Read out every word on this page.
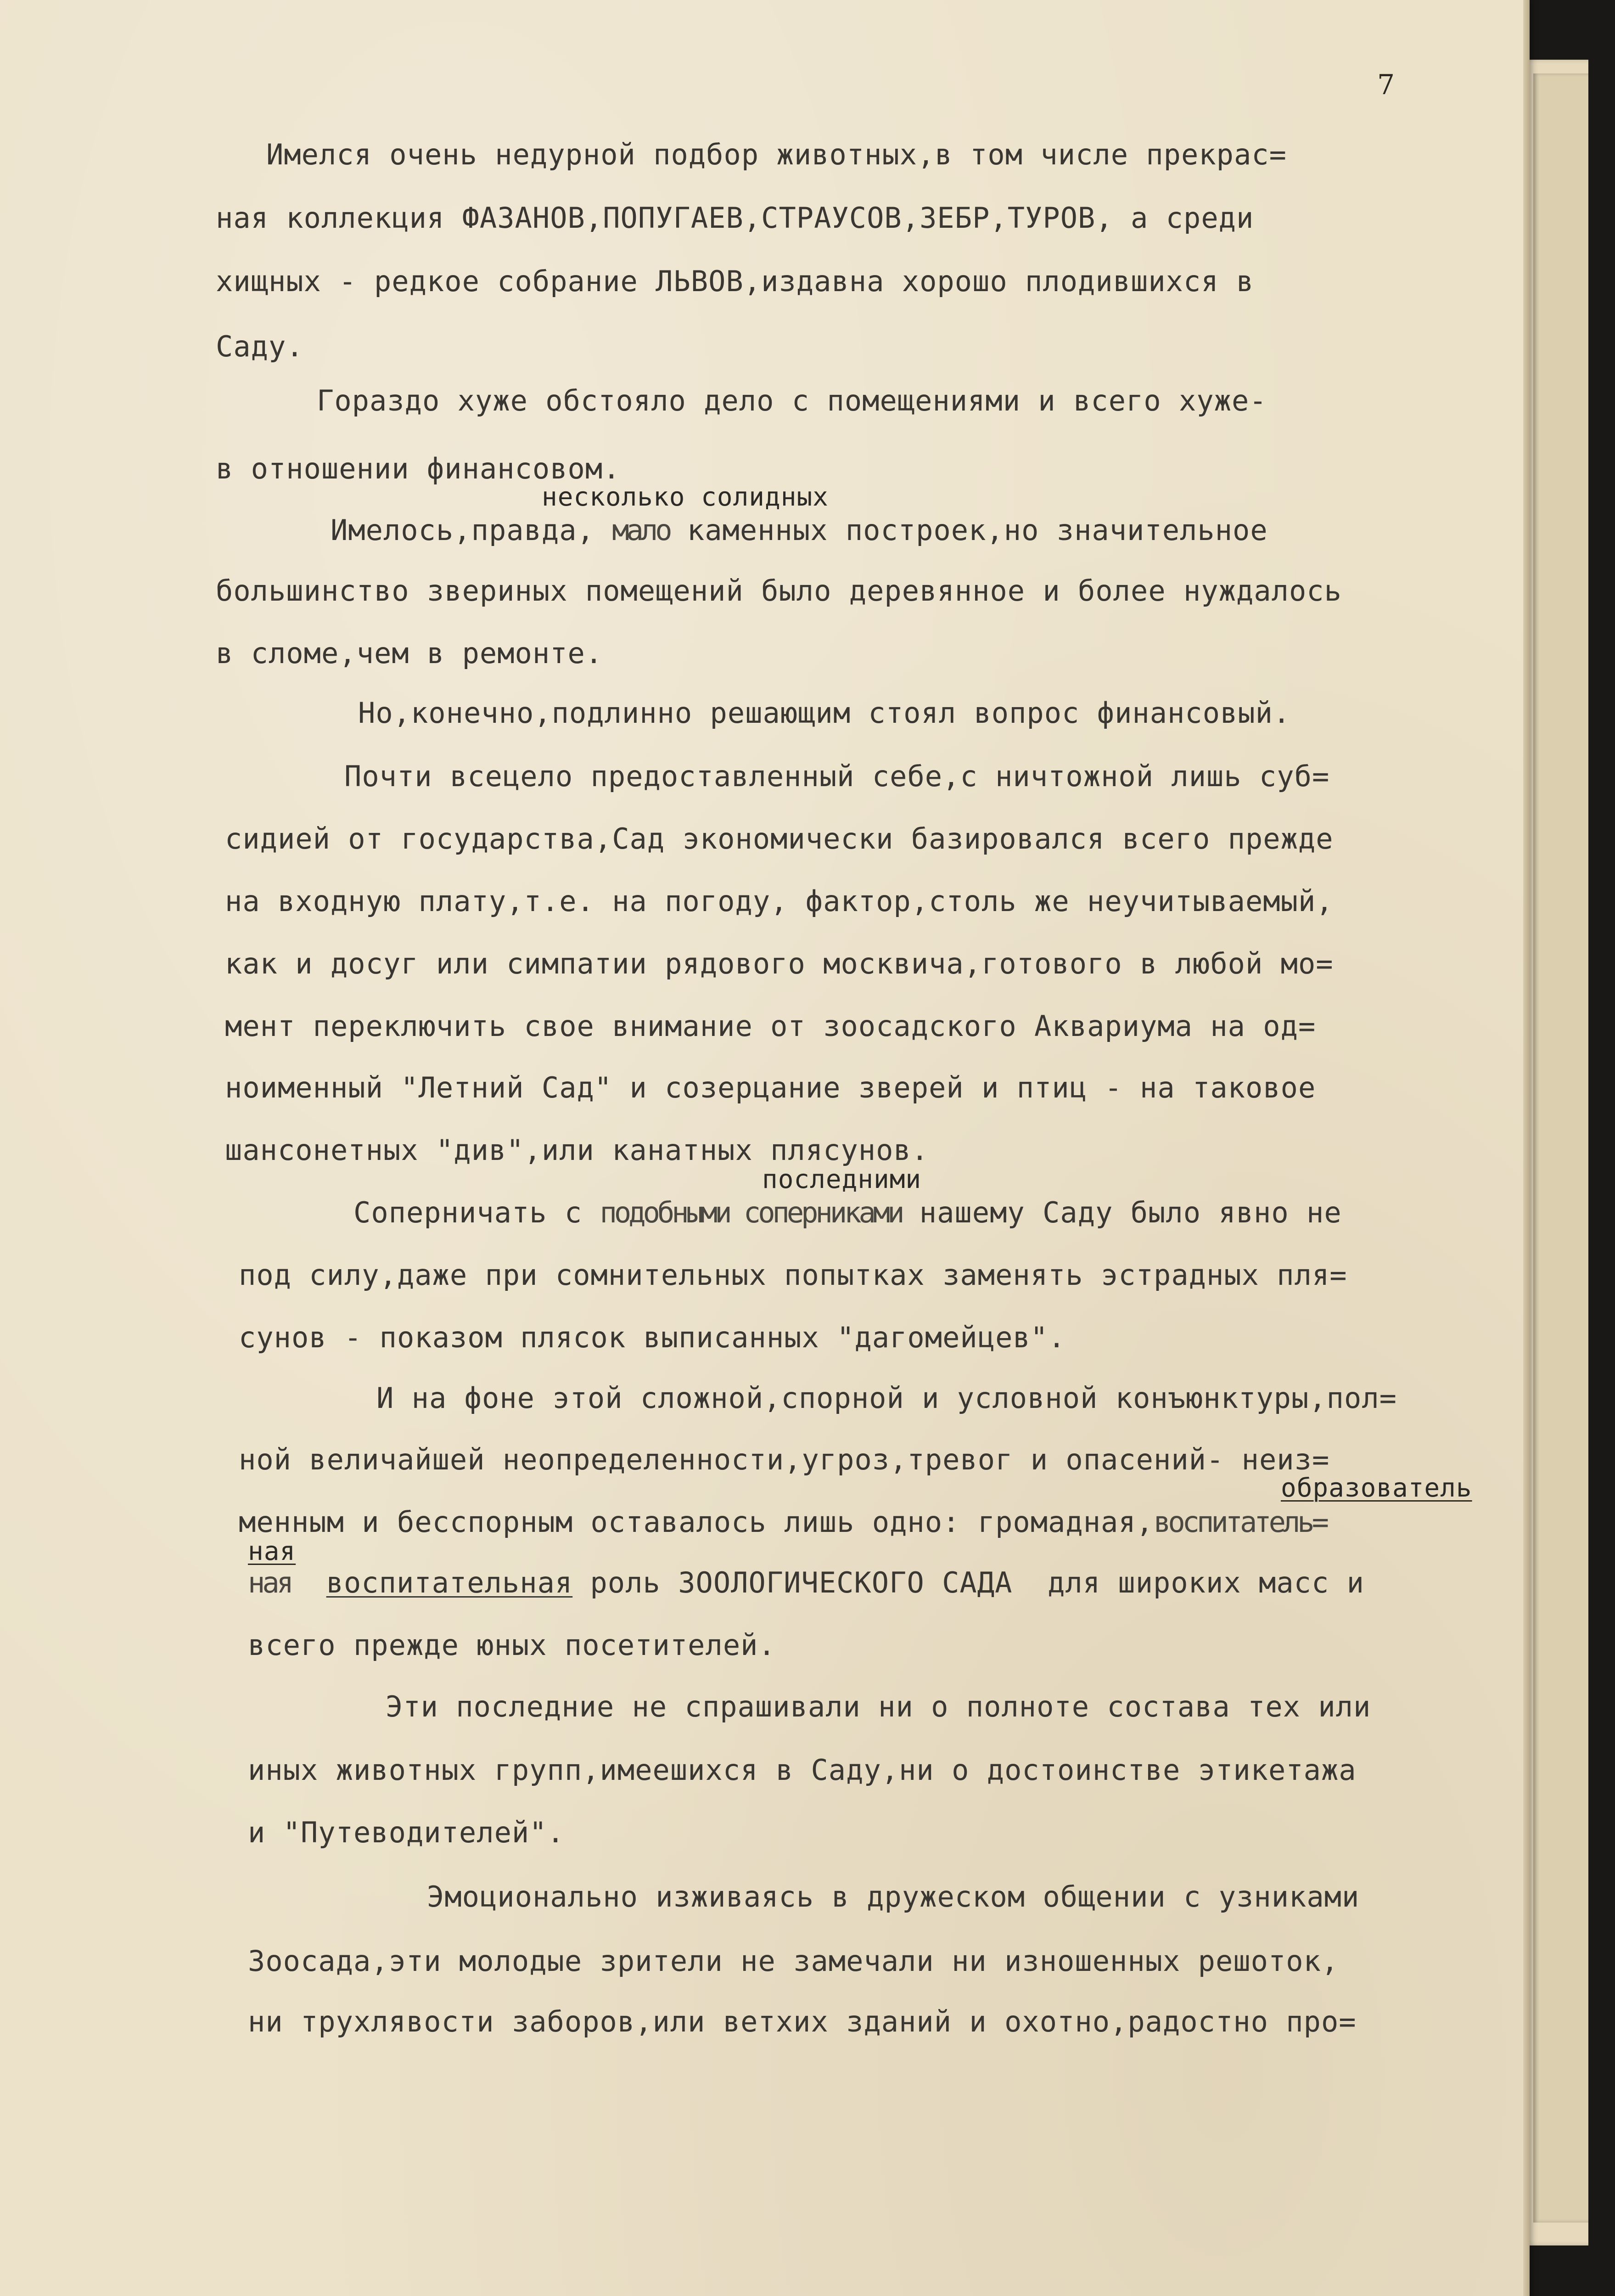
7
Имелся очень недурной подбор животных,в том числе прекрас=
ная коллекция ФАЗАНОВ,ПОПУГАЕВ,СТРАУСОВ,ЗЕБР,ТУРОВ, а среди
хищных - редкое собрание ЛЬВОВ,издавна хорошо плодившихся в
Саду.
Гораздо хуже обстояло дело с помещениями и всего хуже-
в отношении финансовом.
несколько солидных
Имелось,правда, мало каменных построек,но значительное
большинство звериных помещений было деревянное и более нуждалось
в сломе,чем в ремонте.
Но,конечно,подлинно решающим стоял вопрос финансовый.
Почти всецело предоставленный себе,с ничтожной лишь суб=
сидией от государства,Сад экономически базировался всего прежде
на входную плату,т.е. на погоду, фактор,столь же неучитываемый,
как и досуг или симпатии рядового москвича,готового в любой мо=
мент переключить свое внимание от зоосадского Аквариума на од=
ноименный "Летний Сад" и созерцание зверей и птиц - на таковое
шансонетных "див",или канатных плясунов.
последними
Соперничать с подобными соперниками нашему Саду было явно не
под силу,даже при сомнительных попытках заменять эстрадных пля=
сунов - показом плясок выписанных "дагомейцев".
И на фоне этой сложной,спорной и условной конъюнктуры,пол=
ной величайшей неопределенности,угроз,тревог и опасений- неиз=
образователь
менным и бесспорным оставалось лишь одно: громадная,воспитатель=
ная
ная воспитательная роль ЗООЛОГИЧЕСКОГО САДА  для широких масс и
всего прежде юных посетителей.
Эти последние не спрашивали ни о полноте состава тех или
иных животных групп,имеешихся в Саду,ни о достоинстве этикетажа
и "Путеводителей".
Эмоционально изживаясь в дружеском общении с узниками
Зоосада,эти молодые зрители не замечали ни изношенных решоток,
ни трухлявости заборов,или ветхих зданий и охотно,радостно про=
